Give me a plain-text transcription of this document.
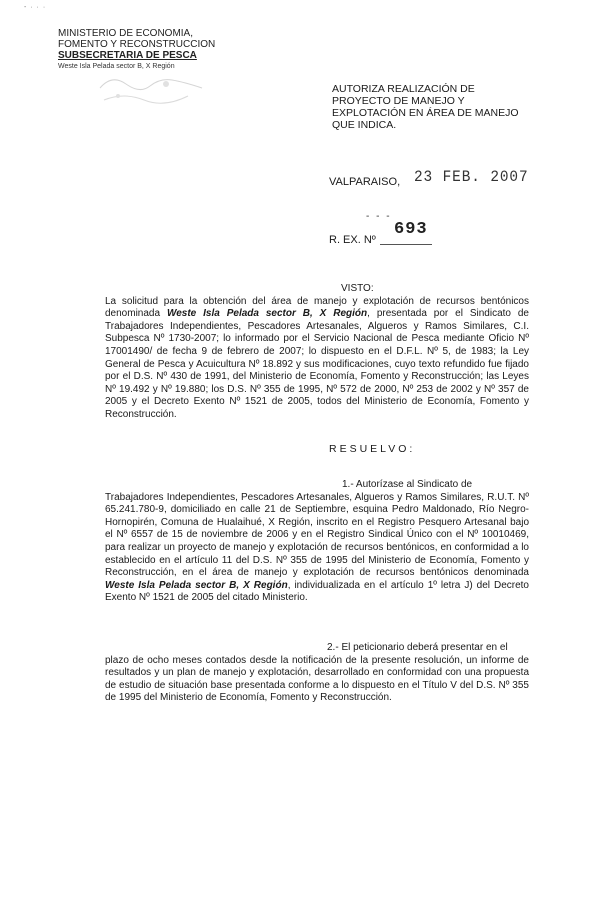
- · · ·
MINISTERIO DE ECONOMIA,
FOMENTO Y RECONSTRUCCION
SUBSECRETARIA DE PESCA
Weste Isla Pelada sector B, X Región
AUTORIZA REALIZACIÓN DE
PROYECTO DE MANEJO Y
EXPLOTACIÓN EN ÁREA DE MANEJO
QUE INDICA.
VALPARAISO, 23 FEB. 2007
- - -
R. EX. Nº
693
VISTO:
La solicitud para la obtención del área de manejo y explotación de recursos bentónicos denominada Weste Isla Pelada sector B, X Región, presentada por el Sindicato de Trabajadores Independientes, Pescadores Artesanales, Algueros y Ramos Similares, C.I. Subpesca Nº 1730-2007; lo informado por el Servicio Nacional de Pesca mediante Oficio Nº 17001490/ de fecha 9 de febrero de 2007; lo dispuesto en el D.F.L. Nº 5, de 1983; la Ley General de Pesca y Acuicultura Nº 18.892 y sus modificaciones, cuyo texto refundido fue fijado por el D.S. Nº 430 de 1991, del Ministerio de Economía, Fomento y Reconstrucción; las Leyes Nº 19.492 y Nº 19.880; los D.S. Nº 355 de 1995, Nº 572 de 2000, Nº 253 de 2002 y Nº 357 de 2005 y el Decreto Exento Nº 1521 de 2005, todos del Ministerio de Economía, Fomento y Reconstrucción.
RESUELVO:
1.- Autorízase al Sindicato de
Trabajadores Independientes, Pescadores Artesanales, Algueros y Ramos Similares, R.U.T. Nº 65.241.780-9, domiciliado en calle 21 de Septiembre, esquina Pedro Maldonado, Río Negro-Hornopirén, Comuna de Hualaihué, X Región, inscrito en el Registro Pesquero Artesanal bajo el Nº 6557 de 15 de noviembre de 2006 y en el Registro Sindical Único con el Nº 10010469, para realizar un proyecto de manejo y explotación de recursos bentónicos, en conformidad a lo establecido en el artículo 11 del D.S. Nº 355 de 1995 del Ministerio de Economía, Fomento y Reconstrucción, en el área de manejo y explotación de recursos bentónicos denominada Weste Isla Pelada sector B, X Región, individualizada en el artículo 1º letra J) del Decreto Exento Nº 1521 de 2005 del citado Ministerio.
2.- El peticionario deberá presentar en el
plazo de ocho meses contados desde la notificación de la presente resolución, un informe de resultados y un plan de manejo y explotación, desarrollado en conformidad con una propuesta de estudio de situación base presentada conforme a lo dispuesto en el Título V del D.S. Nº 355 de 1995 del Ministerio de Economía, Fomento y Reconstrucción.
